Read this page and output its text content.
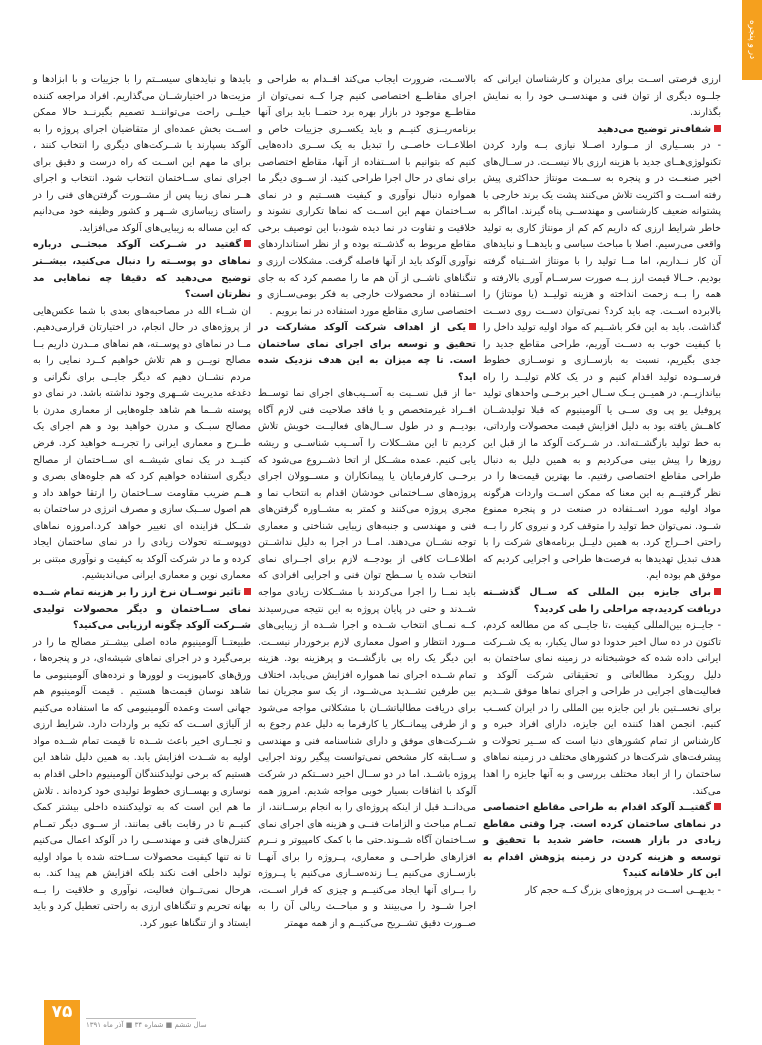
در و پنجره

ارزی فرصتی اســت برای مدیران و کارشناسان ایرانی که جلــوه دیگری از توان فنی و مهندســی خود را به نمایش بگذارند.

شفاف‌تر توضیح می‌دهید

- در بســیاری از مــوارد اصــلا نیازی بــه وارد کردن تکنولوژی‌هــای جدید با هزینه ارزی بالا نیســت. در ســال‌های اخیر صنعــت در و پنجره به ســمت مونتاژ حداکثری پیش رفته اســت و اکثریت تلاش می‌کنند پشت یک برند خارجی با پشتوانه ضعیف کارشناسی و مهندســی پناه گیرند. امااگر به خاطر شرایط ارزی که داریم کم کم از مونتاژ کاری به تولید واقعی می‌رسیم. اصلا با مباحث سیاسی و بایدهــا و نبایدهای آن کار نــداریم، اما مــا تولید را با مونتاژ اشــتباه گرفته بودیم. حــالا قیمت ارز بــه صورت سرســام آوری بالارفته و همه را بــه زحمت انداخته و هزینه تولیــد (یا مونتاژ) را بالابرده اســت. چه باید کرد؟ نمی‌توان دســت روی دســت گذاشت. باید به این فکر باشــیم که مواد اولیه تولید داخل را با کیفیت خوب به دســت آوریم، طراحی مقاطع جدید را جدی بگیریم، نسبت به بازســازی و نوســازی خطوط فرســوده تولید اقدام کنیم و در یک کلام تولیــد را راه بیاندازیــم. در همیــن یــک ســال اخیر برخــی واحدهای تولید پروفیل یو پی وی ســی یا آلومینیوم که قبلا تولیدشــان کاهــش یافته بود به دلیل افزایش قیمت محصولات وارداتی، به خط تولید بازگشــته‌اند. در شــرکت آلوکد ما از قبل این روزها را پیش بینی می‌کردیم و به همین دلیل به دنبال طراحی مقاطع اختصاصی رفتیم. ما بهترین قیمت‌ها را در نظر گرفتیــم به این معنا که ممکن اســت واردات هرگونه مواد اولیه مورد اســتفاده در صنعت در و پنجره ممنوع شــود. نمی‌توان خط تولید را متوقف کرد و نیروی کار را بــه راحتی اخــراج کرد. به همین دلیــل برنامه‌های شرکت را با هدف تبدیل تهدیدها به فرصت‌ها طراحی و اجرایی کردیم که موفق هم بوده ایم.

برای جایزه بین المللی که ســال گذشــته دریافت کردید،چه مراحلی را طی کردید؟

- جایــزه بین‌المللی کیفیت ،تا جایــی که من مطالعه کردم، تاکنون در ده سال اخیر حدودا دو سال یکبار، به یک شــرکت ایرانی داده شده که خوشبختانه در زمینه نمای ساختمان به دلیل رویکرد مطالعاتی و تحقیقاتی شرکت آلوکد و فعالیت‌های اجرایی در طراحی و اجرای نماها موفق شــدیم برای نخســتین بار این جایزه بین المللی را در ایران کســب کنیم. انجمن اهدا کننده این جایزه، دارای افراد خبره و کارشناس از تمام کشورهای دنیا است که ســیر تحولات و پیشرفت‌های شرکت‌ها در کشورهای مختلف در زمینه نماهای ساختمان را از ابعاد مختلف بررسی و به آنها جایزه را اهدا می‌کند.

گفتیــد آلوکد اقدام به طراحی مقاطع اختصاصی در نماهای ساختمان کرده است. چرا وقتی مقاطع زیادی در بازار هست، حاضر شدید با تحقیق و توسعه و هزینه کردن در زمینه پژوهش اقدام به این کار خلاقانه کنید؟

- بدیهــی اســت در پروژه‌های بزرگ کــه حجم کار

بالاســت، ضرورت ایجاب می‌کند اقــدام به طراحی و اجرای مقاطــع اختصاصی کنیم چرا کــه نمی‌توان از مقاطــع موجود در بازار بهره برد حتمــا باید برای آنها برنامه‌ریــزی کنیــم و باید یکســری جزییات خاص و اطلاعــات خاصــی را تبدیل به یک ســری داده‌هایی کنیم که بتوانیم با اســتفاده از آنها، مقاطع اختصاصی برای نمای در حال اجرا طراحی کنید. از ســوی دیگر ما همواره دنبال نوآوری و کیفیت هســتیم و در نمای ســاختمان مهم این اســت که نماها تکراری نشوند و خلاقیت و تفاوت در نما دیده شود،با این توصیف برخی مقاطع مربوط به گذشــته بوده و از نظر استانداردهای نوآوری آلوکد باید از آنها فاصله گرفت. مشکلات ارزی و تنگناهای ناشــی از آن هم ما را مصمم کرد که به جای اســتفاده از محصولات خارجی به فکر بومی‌ســازی و اختصاصی سازی مقاطع مورد استفاده در نما برویم .

یکی از اهداف شرکت آلوکد مشارکت در تحقیق و توسعه برای اجرای نمای ساختمان است. تا چه میزان به این هدف نزدیک شده اید؟

-ما از قبل نســبت به آســیب‌های اجرای نما توســط افــراد غیرمتخصص و یا فاقد صلاحیت فنی لازم آگاه بودیــم و در طول ســال‌های فعالیــت خویش تلاش کردیم تا این مشــکلات را آســیب شناســی و ریشه یابی کنیم. عمده مشــکل از اتخا ذشــروع می‌شود که برخــی کارفرمایان یا پیمانکاران و مســوولان اجرای پروژه‌های ســاختمانی خودشان اقدام به انتخاب نما و مجری پروژه می‌کنند و کمتر به مشــاوره گرفتن‌های فنی و مهندسی و جنبه‌های زیبایی شناختی و معماری توجه نشــان می‌دهند. امــا در اجرا به دلیل نداشــتن اطلاعــات کافی از بودجــه لازم برای اجــرای نمای انتخاب شده یا ســطح توان فنی و اجرایی افرادی که باید نمــا را اجرا می‌کردند با مشــکلات زیادی مواجه شــدند و حتی در پایان پروژه به این نتیجه می‌رسیدند کــه نمــای انتخاب شــده و اجرا شــده از زیبایی‌های مــورد انتظار و اصول معماری لازم برخوردار نیســت. این دیگر یک راه بی بازگشــت و پرهزینه بود. هزینه تمام شــده اجرای نما همواره افزایش می‌یابد، اختلاف بین طرفین تشــدید می‌شــود، از یک سو مجریان نما برای دریافت مطالباتشــان با مشکلاتی مواجه می‌شود و از طرفی پیمانــکار یا کارفرما به دلیل عدم رجوع به شــرکت‌های موفق و دارای شناسنامه فنی و مهندسی و ســابقه کار مشخص نمی‌توانست پیگیر روند اجرایی پروژه باشــد. اما در دو ســال اخیر دســتکم در شرکت آلوکد با اتفاقات بسیار خوبی مواجه شدیم. امروز همه می‌دانــد قبل از اینکه پروژه‌ای را به انجام برســانند، از تمــام مباحث و الزامات فنــی و هزینه های اجرای نمای ســاختمان آگاه شــوند.حتی ما با کمک کامپیوتر و نــرم افزارهای طراحــی و معماری، پــروژه را برای آنهــا بازســازی می‌کنیم یــا زنده‌ســازی می‌کنیم یا پــروژه را بــرای آنها ایجاد می‌کنیــم و چیزی که قرار اســت، اجرا شــود را می‌بینند و و مباحــث ریالی آن را به صــورت دقیق تشــریح می‌کنیــم و از همه مهمتر

بایدها و نبایدهای سیســتم را با جزییات و با ابزادها و مزیت‌ها در اختیارشــان می‌گذاریم. افراد مراجعه کننده خیلــی راحت می‌تواننــد تصمیم بگیرنــد حالا ممکن اســت بخش عمده‌ای از متقاضیان اجرای پروژه را به آلوکد بسپارند یا شــرکت‌های دیگری را انتخاب کنند ، برای ما مهم این اســت که راه درست و دقیق برای اجرای نمای ســاختمان انتخاب شود. انتخاب و اجرای هــر نمای زیبا پس از مشــورت گرفتن‌های فنی را در راستای زیباسازی شــهر و کشور وظیفه خود می‌دانیم که این مساله به زیبایی‌های آلوکد می‌افزاید.

گفتید در شــرکت آلوکد مبحثــی درباره نماهای دو پوســته را دنبال می‌کنید، بیشــتر توضیح می‌دهید که دقیقا چه نماهایی مد نظرتان است؟

ان شــاء الله در مصاحبه‌های بعدی با شما عکس‌هایی از پروژه‌های در حال انجام، در اختیارتان قرارمی‌دهیم. مــا در نماهای دو پوســته، هم نماهای مــدرن داریم بــا مصالح نویــن و هم تلاش خواهیم کــرد نمایی را به مردم نشــان دهیم که دیگر جایــی برای نگرانی و دغدغه مدیریت شــهری وجود نداشته باشد. در نمای دو پوسته شــما هم شاهد جلوه‌هایی از معماری مدرن با مصالح سبــک و مدرن خواهید بود و هم اجرای یک طــرح و معماری ایرانی را تجربــه خواهید کرد. فرض کنیــد در یک نمای شیشــه ای ســاختمان از مصالح دیگری استفاده خواهیم کرد که هم جلوه‌های بصری و هــم ضریب مقاومت ســاختمان را ارتقا خواهد داد و هم اصول ســبک سازی و مصرف انرژی در ساختمان به شــکل فزاینده ای تغییر خواهد کرد.امروزه نماهای دوپوســته تحولات زیادی را در نمای ساختمان ایجاد کرده و ما در شرکت آلوکد به کیفیت و نوآوری مبتنی بر معماری نوین و معماری ایرانی می‌اندیشیم.

تاثیر نوســان نرخ ارز را بر هزینه تمام شــده نمای ســاختمان و دیگر محصولات تولیدی شــرکت آلوکد چگونه ارزیابی می‌کنید؟

طبیعتــا آلومینیوم ماده اصلی بیشــتر مصالح ما را در برمی‌گیرد و در اجرای نماهای شیشه‌ای، در و پنجره‌ها ، ورق‌های کامپوزیت و لوورها و نرده‌های آلومینیومی ما شاهد نوسان قیمت‌ها هستیم . قیمت آلومینیوم هم جهانی است وعمده آلومینیومی که ما استفاده می‌کنیم از آلیاژی اســت که تکیه بر واردات دارد. شرایط ارزی و تجــاری اخیر باعث شــده تا قیمت تمام شــده مواد اولیه به شــدت افزایش یابد. به همین دلیل شاهد این هستیم که برخی تولیدکنندگان آلومینیوم داخلی اقدام به نوسازی و بهســازی خطوط تولیدی خود کرده‌اند . تلاش ما هم این است که به تولیدکننده داخلی بیشتر کمک کنیــم تا در رقابت باقی بمانند. از ســوی دیگر تمــام کنترل‌های فنی و مهندســی را در آلوکد اعمال می‌کنیم تا نه تنها کیفیت محصولات ســاخته شده با مواد اولیه تولید داخلی افت نکند بلکه افزایش هم پیدا کند. به هرحال نمی‌تــوان فعالیت، نوآوری و خلاقیت را بــه بهانه تحریم و تنگناهای ارزی به راحتی تعطیل کرد و باید ایستاد و از تنگناها عبور کرد.

۷۵
سال ششم ■ شماره ۳۴ ■ آذر ماه ۱۳۹۱
